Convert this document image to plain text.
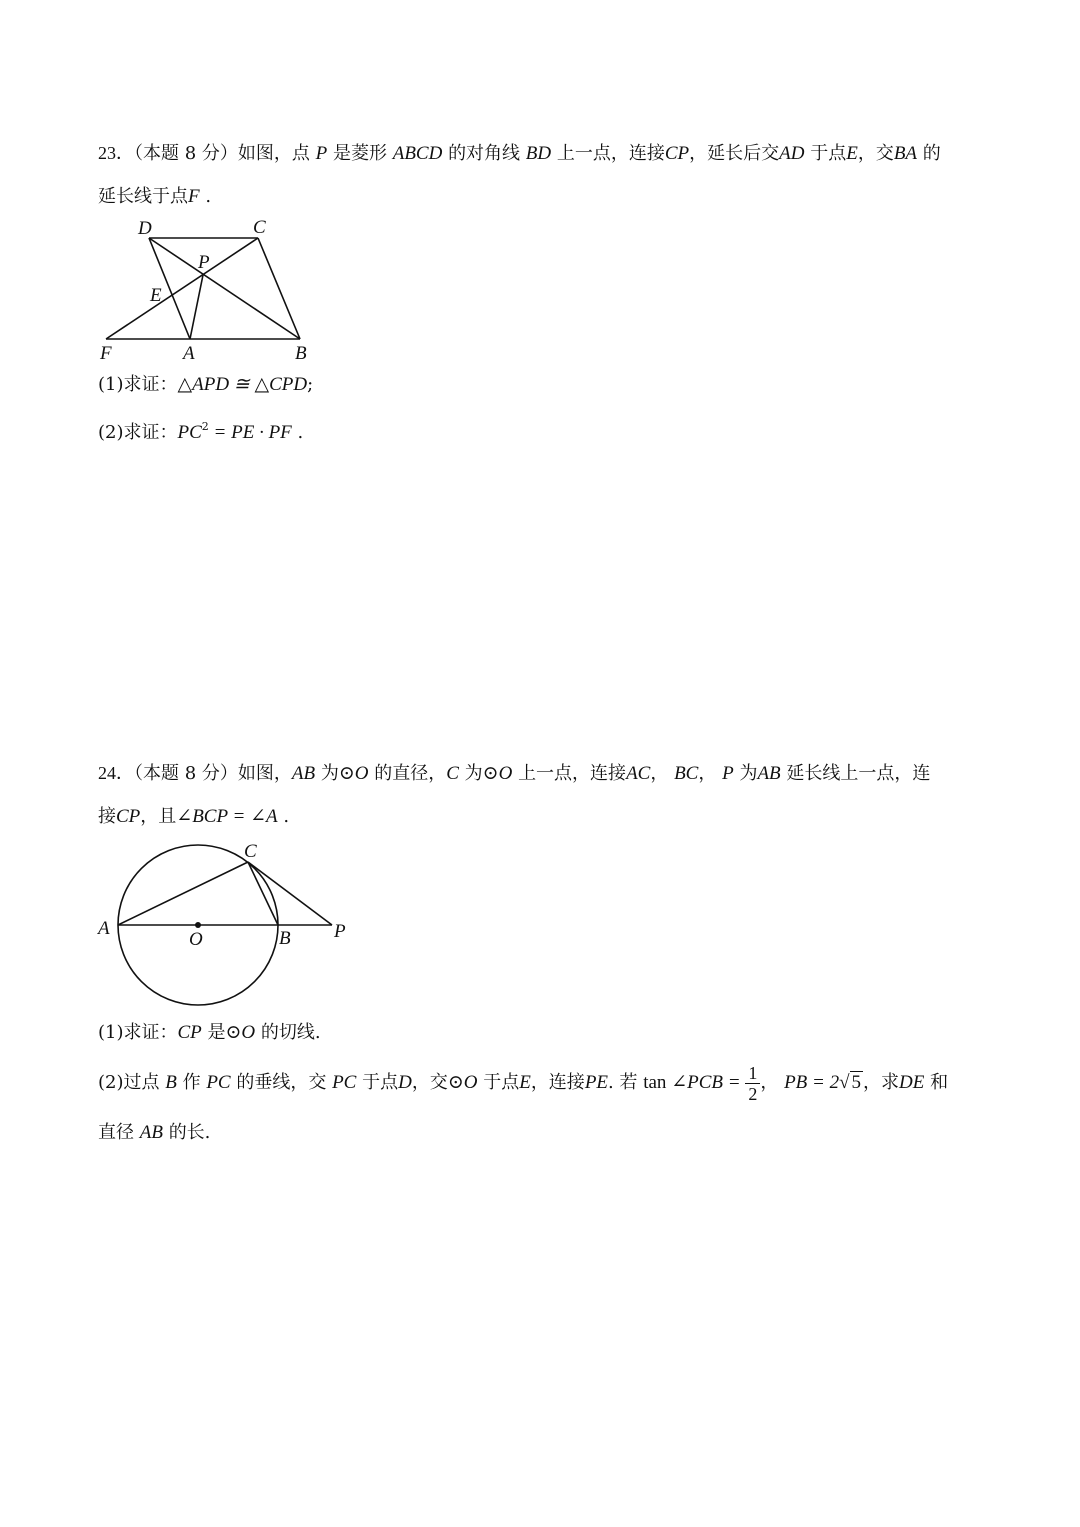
23．（本题 8 分）如图，点 P 是菱形 ABCD 的对角线 BD 上一点，连接CP，延长后交AD 于点E，交BA 的
延长线于点F .
D	C
P
E
F	A	B
(1)求证：△APD ≅ △CPD;
(2)求证：$PC^2$ = PE · PF .
24．（本题 8 分）如图，AB 为⊙O 的直径，C 为⊙O 上一点，连接AC， BC， P 为AB 延长线上一点，连
接CP，且∠BCP = ∠A .
C
A
O	B P
(1)求证：CP 是⊙O 的切线.
(2)过点 B 作 PC 的垂线，交 PC 于点D，交⊙O 于点E，连接PE. 若 tan ∠PCB = $\frac{1}{2}$ ， PB = 2√ 5 ，求DE 和
直径 AB 的长.
